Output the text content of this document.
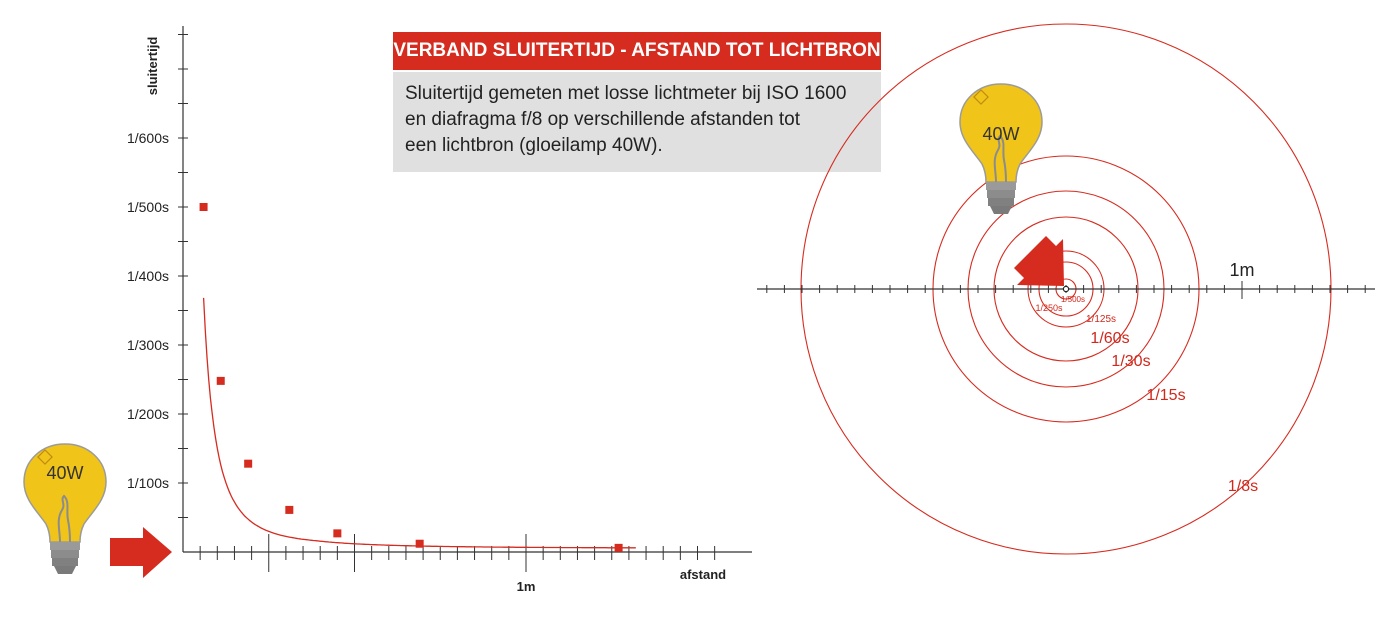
VERBAND SLUITERTIJD - AFSTAND TOT LICHTBRON
Sluitertijd gemeten met losse lichtmeter bij ISO 1600
en diafragma f/8 op verschillende afstanden tot
een lichtbron (gloeilamp 40W).
1/100s
1/200s
1/300s
1/400s
1/500s
1/600s
sluitertijd
afstand
1m
40W
1/500s
1/250s
1/125s
1/60s
1/30s
1/15s
1/8s
1m
40W
